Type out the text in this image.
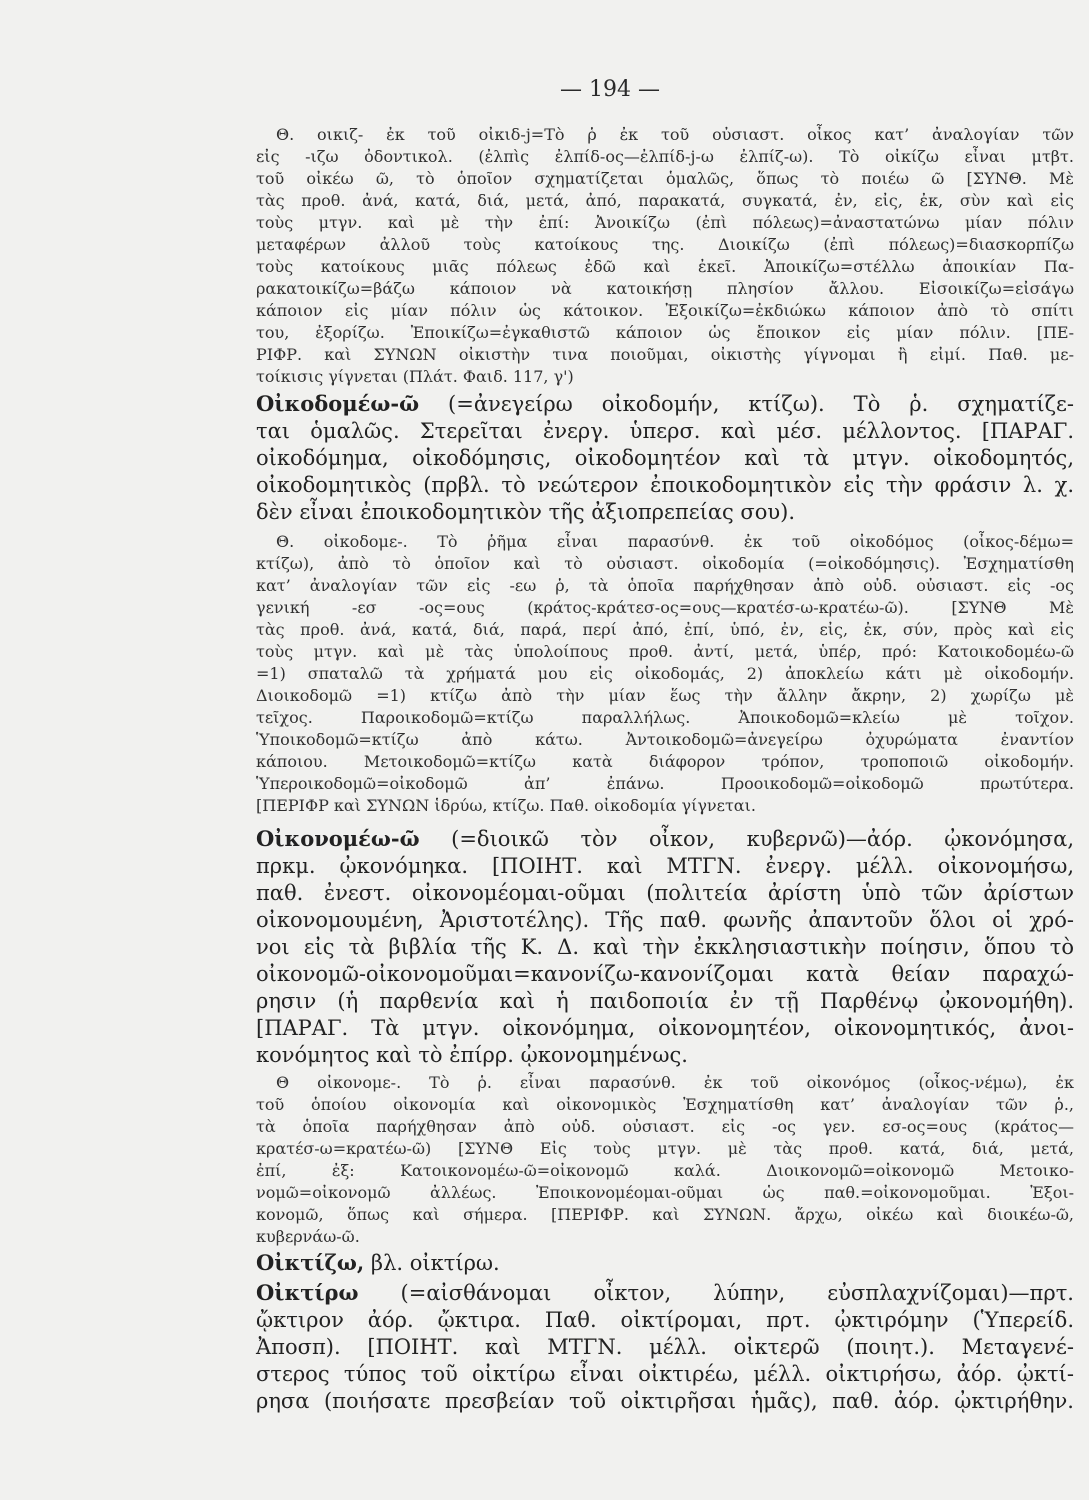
— 194 —
Θ. οικιζ- ἐκ τοῦ οἰκιδ-j=Τὸ ῥ ἐκ τοῦ οὐσιαστ. οἶκος κατ’ ἀναλογίαν τῶν
εἰς -ιζω ὀδοντικολ. (ἐλπὶς ἐλπίδ-ος—ἐλπίδ-j-ω ἐλπίζ-ω). Τὸ οἰκίζω εἶναι μτβτ.
τοῦ οἰκέω ῶ, τὸ ὁποῖον σχηματίζεται ὁμαλῶς, ὅπως τὸ ποιέω ῶ [ΣΥΝΘ. Μὲ
τὰς προθ. ἀνά, κατά, διά, μετά, ἀπό, παρακατά, συγκατά, ἐν, εἰς, ἐκ, σὺν καὶ εἰς
τοὺς μτγν. καὶ μὲ τὴν ἐπί: Ἀνοικίζω (ἐπὶ πόλεως)=ἀναστατώνω μίαν πόλιν
μεταφέρων ἀλλοῦ τοὺς κατοίκους της. Διοικίζω (ἐπὶ πόλεως)=διασκορπίζω
τοὺς κατοίκους μιᾶς πόλεως ἐδῶ καὶ ἐκεῖ. Ἀποικίζω=στέλλω ἀποικίαν Πα-
ρακατοικίζω=βάζω κάποιον νὰ κατοικήσῃ πλησίον ἄλλου. Εἰσοικίζω=εἰσάγω
κάποιον εἰς μίαν πόλιν ὡς κάτοικον. Ἐξοικίζω=ἐκδιώκω κάποιον ἀπὸ τὸ σπίτι
του, ἐξορίζω. Ἐποικίζω=ἐγκαθιστῶ κάποιον ὡς ἔποικον εἰς μίαν πόλιν. [ΠΕ-
ΡΙΦΡ. καὶ ΣΥΝΩΝ οἰκιστὴν τινα ποιοῦμαι, οἰκιστὴς γίγνομαι ἢ εἰμί. Παθ. με-
τοίκισις γίγνεται (Πλάτ. Φαιδ. 117, γ')
Οἰκοδομέω-ῶ (=ἀνεγείρω οἰκοδομήν, κτίζω). Τὸ ῥ. σχηματίζε-
ται ὁμαλῶς. Στερεῖται ἐνεργ. ὑπερσ. καὶ μέσ. μέλλοντος. [ΠΑΡΑΓ.
οἰκοδόμημα, οἰκοδόμησις, οἰκοδομητέον καὶ τὰ μτγν. οἰκοδομητός,
οἰκοδομητικὸς (πρβλ. τὸ νεώτερον ἐποικοδομητικὸν εἰς τὴν φράσιν λ. χ.
δὲν εἶναι ἐποικοδομητικὸν τῆς ἀξιοπρεπείας σου).
Θ. οἰκοδομε-. Τὸ ῥῆμα εἶναι παρασύνθ. ἐκ τοῦ οἰκοδόμος (οἶκος-δέμω=
κτίζω), ἀπὸ τὸ ὁποῖον καὶ τὸ οὐσιαστ. οἰκοδομία (=οἰκοδόμησις). Ἐσχηματίσθη
κατ’ ἀναλογίαν τῶν εἰς -εω ῥ, τὰ ὁποῖα παρήχθησαν ἀπὸ οὐδ. οὐσιαστ. εἰς -ος
γενική -εσ -ος=ους (κράτος-κράτεσ-ος=ους—κρατέσ-ω-κρατέω-ῶ). [ΣΥΝΘ Μὲ
τὰς προθ. ἀνά, κατά, διά, παρά, περί ἀπό, ἐπί, ὑπό, ἐν, εἰς, ἐκ, σύν, πρὸς καὶ εἰς
τοὺς μτγν. καὶ μὲ τὰς ὑπολοίπους προθ. ἀντί, μετά, ὑπέρ, πρό: Κατοικοδομέω-ῶ
=1) σπαταλῶ τὰ χρήματά μου εἰς οἰκοδομάς, 2) ἀποκλείω κάτι μὲ οἰκοδομήν.
Διοικοδομῶ =1) κτίζω ἀπὸ τὴν μίαν ἕως τὴν ἄλλην ἄκρην, 2) χωρίζω μὲ
τεῖχος. Παροικοδομῶ=κτίζω παραλλήλως. Ἀποικοδομῶ=κλείω μὲ τοῖχον.
Ὑποικοδομῶ=κτίζω ἀπὸ κάτω. Ἀντοικοδομῶ=ἀνεγείρω ὀχυρώματα ἐναντίον
κάποιου. Μετοικοδομῶ=κτίζω κατὰ διάφορον τρόπον, τροποποιῶ οἰκοδομήν.
Ὑπεροικοδομῶ=οἰκοδομῶ ἀπ’ ἐπάνω. Προοικοδομῶ=οἰκοδομῶ πρωτύτερα.
[ΠΕΡΙΦΡ καὶ ΣΥΝΩΝ ἱδρύω, κτίζω. Παθ. οἰκοδομία γίγνεται.
Οἰκονομέω-ῶ (=διοικῶ τὸν οἶκον, κυβερνῶ)—ἀόρ. ᾠκονόμησα,
πρκμ. ᾠκονόμηκα. [ΠΟΙΗΤ. καὶ ΜΤΓΝ. ἐνεργ. μέλλ. οἰκονομήσω,
παθ. ἐνεστ. οἰκονομέομαι-οῦμαι (πολιτεία ἀρίστη ὑπὸ τῶν ἀρίστων
οἰκονομουμένη, Ἀριστοτέλης). Τῆς παθ. φωνῆς ἀπαντοῦν ὅλοι οἱ χρό-
νοι εἰς τὰ βιβλία τῆς Κ. Δ. καὶ τὴν ἐκκλησιαστικὴν ποίησιν, ὅπου τὸ
οἰκονομῶ-οἰκονομοῦμαι=κανονίζω-κανονίζομαι κατὰ θείαν παραχώ-
ρησιν (ἡ παρθενία καὶ ἡ παιδοποιία ἐν τῇ Παρθένῳ ᾠκονομήθη).
[ΠΑΡΑΓ. Τὰ μτγν. οἰκονόμημα, οἰκονομητέον, οἰκονομητικός, ἀνοι-
κονόμητος καὶ τὸ ἐπίρρ. ᾠκονομημένως.
Θ οἰκονομε-. Τὸ ῥ. εἶναι παρασύνθ. ἐκ τοῦ οἰκονόμος (οἶκος-νέμω), ἐκ
τοῦ ὁποίου οἰκονομία καὶ οἰκονομικὸς Ἐσχηματίσθη κατ’ ἀναλογίαν τῶν ῥ.,
τὰ ὁποῖα παρήχθησαν ἀπὸ οὐδ. οὐσιαστ. εἰς -ος γεν. εσ-ος=ους (κράτος—
κρατέσ-ω=κρατέω-ῶ) [ΣΥΝΘ Εἰς τοὺς μτγν. μὲ τὰς προθ. κατά, διά, μετά,
ἐπί, ἐξ: Κατοικονομέω-ῶ=οἰκονομῶ καλά. Διοικονομῶ=οἰκονομῶ Μετοικο-
νομῶ=οἰκονομῶ ἀλλέως. Ἐποικονομέομαι-οῦμαι ὡς παθ.=οἰκονομοῦμαι. Ἐξοι-
κονομῶ, ὅπως καὶ σήμερα. [ΠΕΡΙΦΡ. καὶ ΣΥΝΩΝ. ἄρχω, οἰκέω καὶ διοικέω-ῶ,
κυβερνάω-ῶ.
Οἰκτίζω, βλ. οἰκτίρω.
Οἰκτίρω (=αἰσθάνομαι οἶκτον, λύπην, εὐσπλαχνίζομαι)—πρτ.
ᾤκτιρον ἀόρ. ᾤκτιρα. Παθ. οἰκτίρομαι, πρτ. ᾠκτιρόμην (Ὑπερείδ.
Ἀποσπ). [ΠΟΙΗΤ. καὶ ΜΤΓΝ. μέλλ. οἰκτερῶ (ποιητ.). Μεταγενέ-
στερος τύπος τοῦ οἰκτίρω εἶναι οἰκτιρέω, μέλλ. οἰκτιρήσω, ἀόρ. ᾠκτί-
ρησα (ποιήσατε πρεσβείαν τοῦ οἰκτιρῆσαι ἡμᾶς), παθ. ἀόρ. ᾠκτιρήθην.
